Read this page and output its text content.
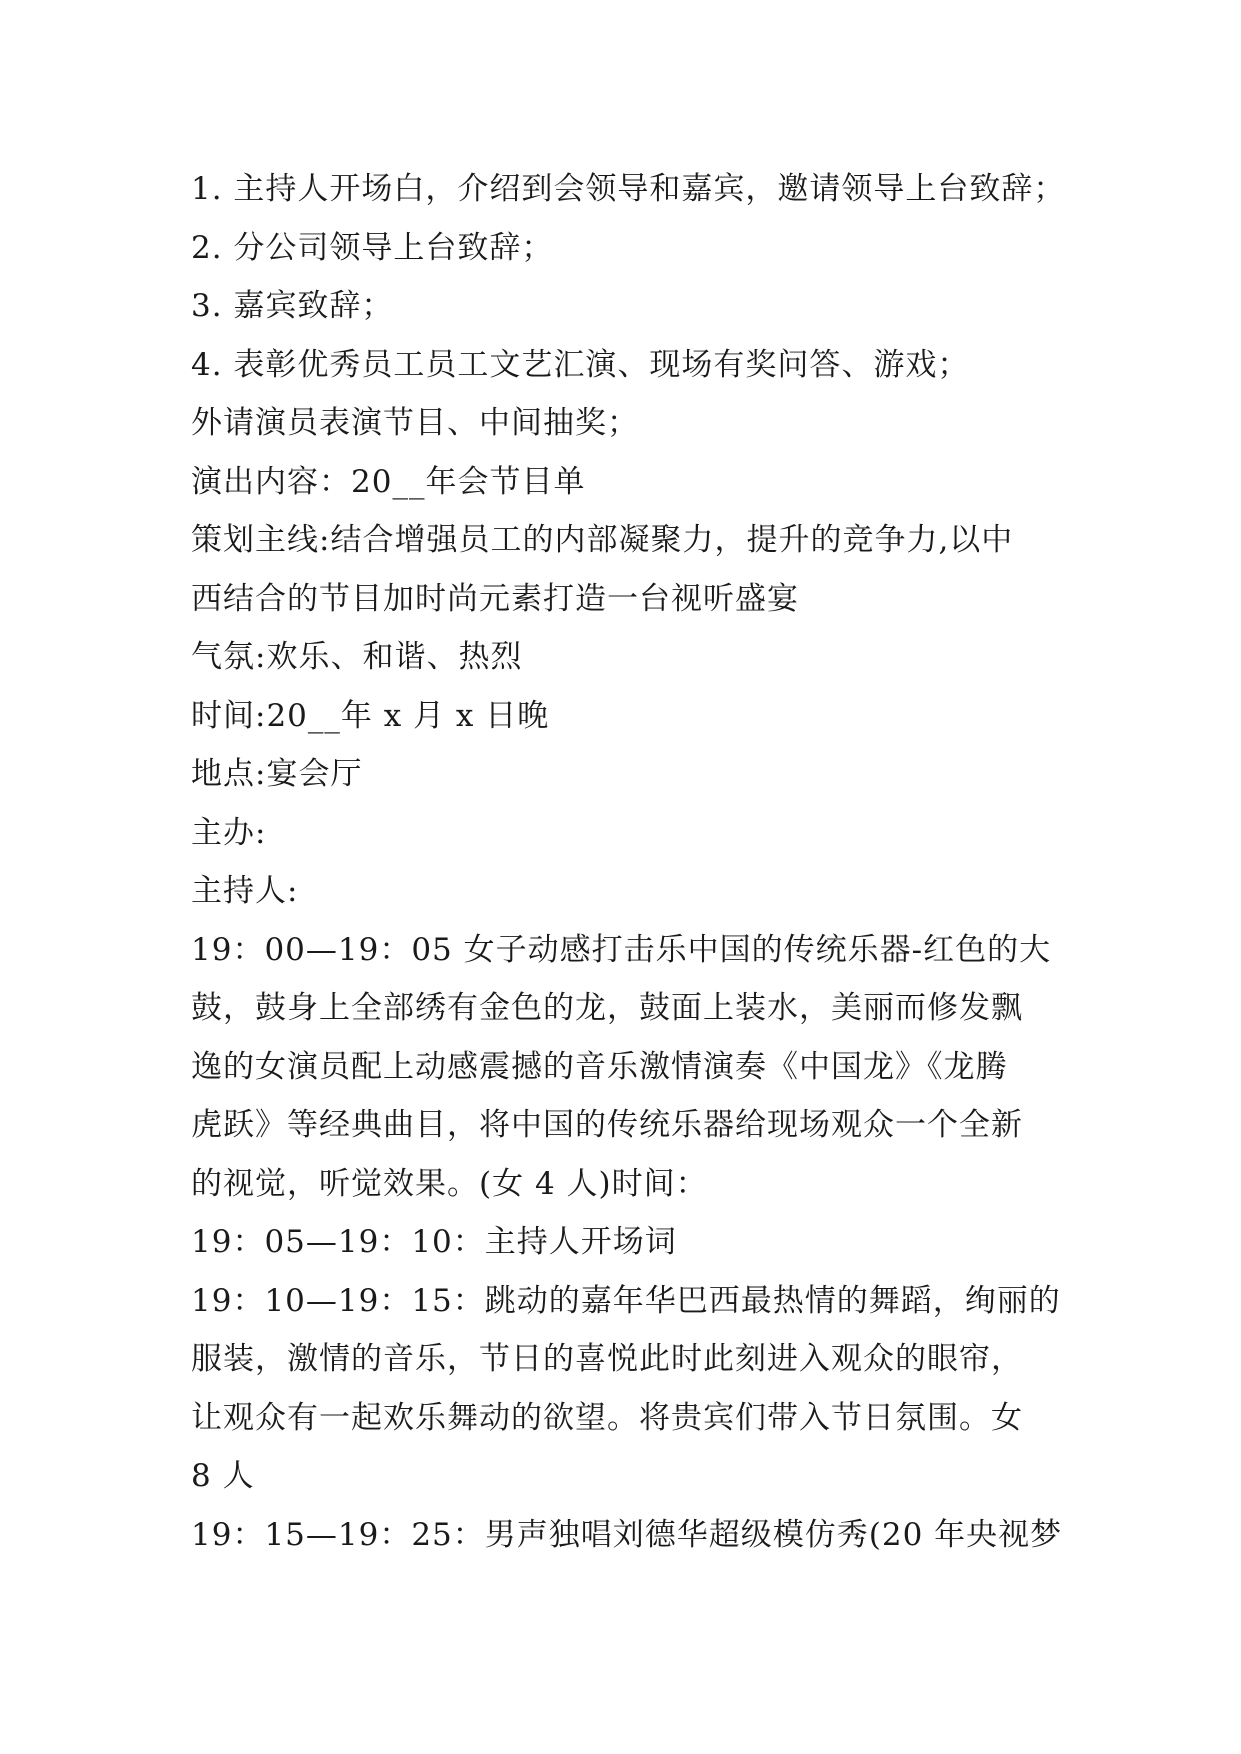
1. 主持人开场白，介绍到会领导和嘉宾，邀请领导上台致辞；

2. 分公司领导上台致辞；

3. 嘉宾致辞；

4. 表彰优秀员工员工文艺汇演、现场有奖问答、游戏；

外请演员表演节目、中间抽奖；

演出内容：20__年会节目单

策划主线:结合增强员工的内部凝聚力，提升的竞争力,以中

西结合的节目加时尚元素打造一台视听盛宴

气氛:欢乐、和谐、热烈

时间:20__年 x 月 x 日晚

地点:宴会厅

主办:

主持人:

19：00—19：05 女子动感打击乐中国的传统乐器-红色的大

鼓，鼓身上全部绣有金色的龙，鼓面上装水，美丽而修发飘

逸的女演员配上动感震撼的音乐激情演奏《中国龙》《龙腾

虎跃》等经典曲目，将中国的传统乐器给现场观众一个全新

的视觉，听觉效果。(女 4 人)时间：

19：05—19：10：主持人开场词

19：10—19：15：跳动的嘉年华巴西最热情的舞蹈，绚丽的

服装，激情的音乐，节日的喜悦此时此刻进入观众的眼帘，

让观众有一起欢乐舞动的欲望。将贵宾们带入节日氛围。女

8 人

19：15—19：25：男声独唱刘德华超级模仿秀(20 年央视梦
